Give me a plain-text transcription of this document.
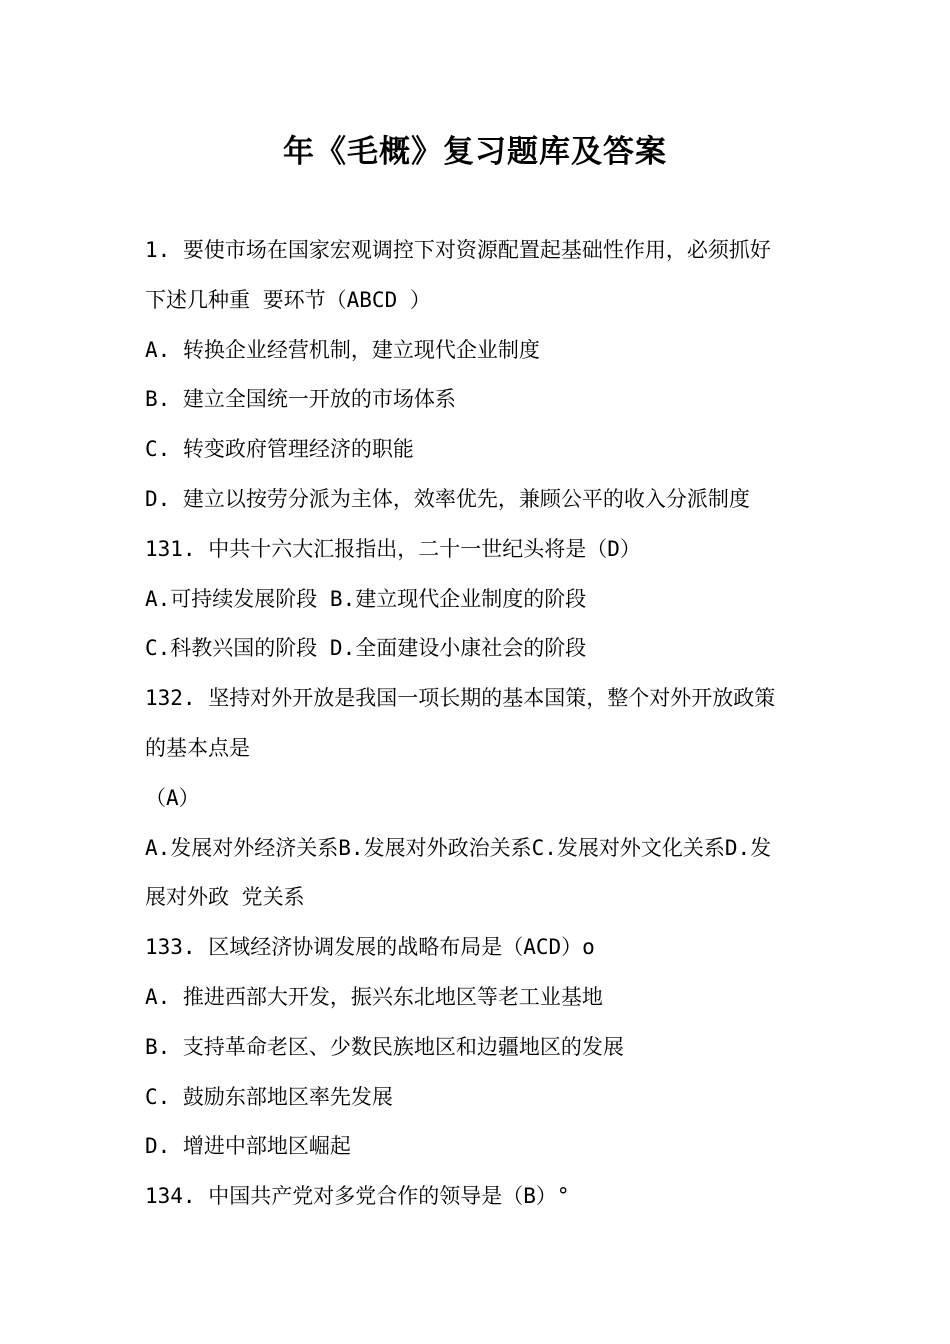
年《毛概》复习题库及答案
1. 要使市场在国家宏观调控下对资源配置起基础性作用，必须抓好
下述几种重 要环节（ABCD ）
A. 转换企业经营机制，建立现代企业制度
B. 建立全国统一开放的市场体系
C. 转变政府管理经济的职能
D. 建立以按劳分派为主体，效率优先，兼顾公平的收入分派制度
131. 中共十六大汇报指出，二十一世纪头将是（D）
A.可持续发展阶段 B.建立现代企业制度的阶段
C.科教兴国的阶段 D.全面建设小康社会的阶段
132. 坚持对外开放是我国一项长期的基本国策，整个对外开放政策
的基本点是
（A）
A.发展对外经济关系B.发展对外政治关系C.发展对外文化关系D.发
展对外政 党关系
133. 区域经济协调发展的战略布局是（ACD）o
A. 推进西部大开发，振兴东北地区等老工业基地
B. 支持革命老区、少数民族地区和边疆地区的发展
C. 鼓励东部地区率先发展
D. 增进中部地区崛起
134. 中国共产党对多党合作的领导是（B）°
